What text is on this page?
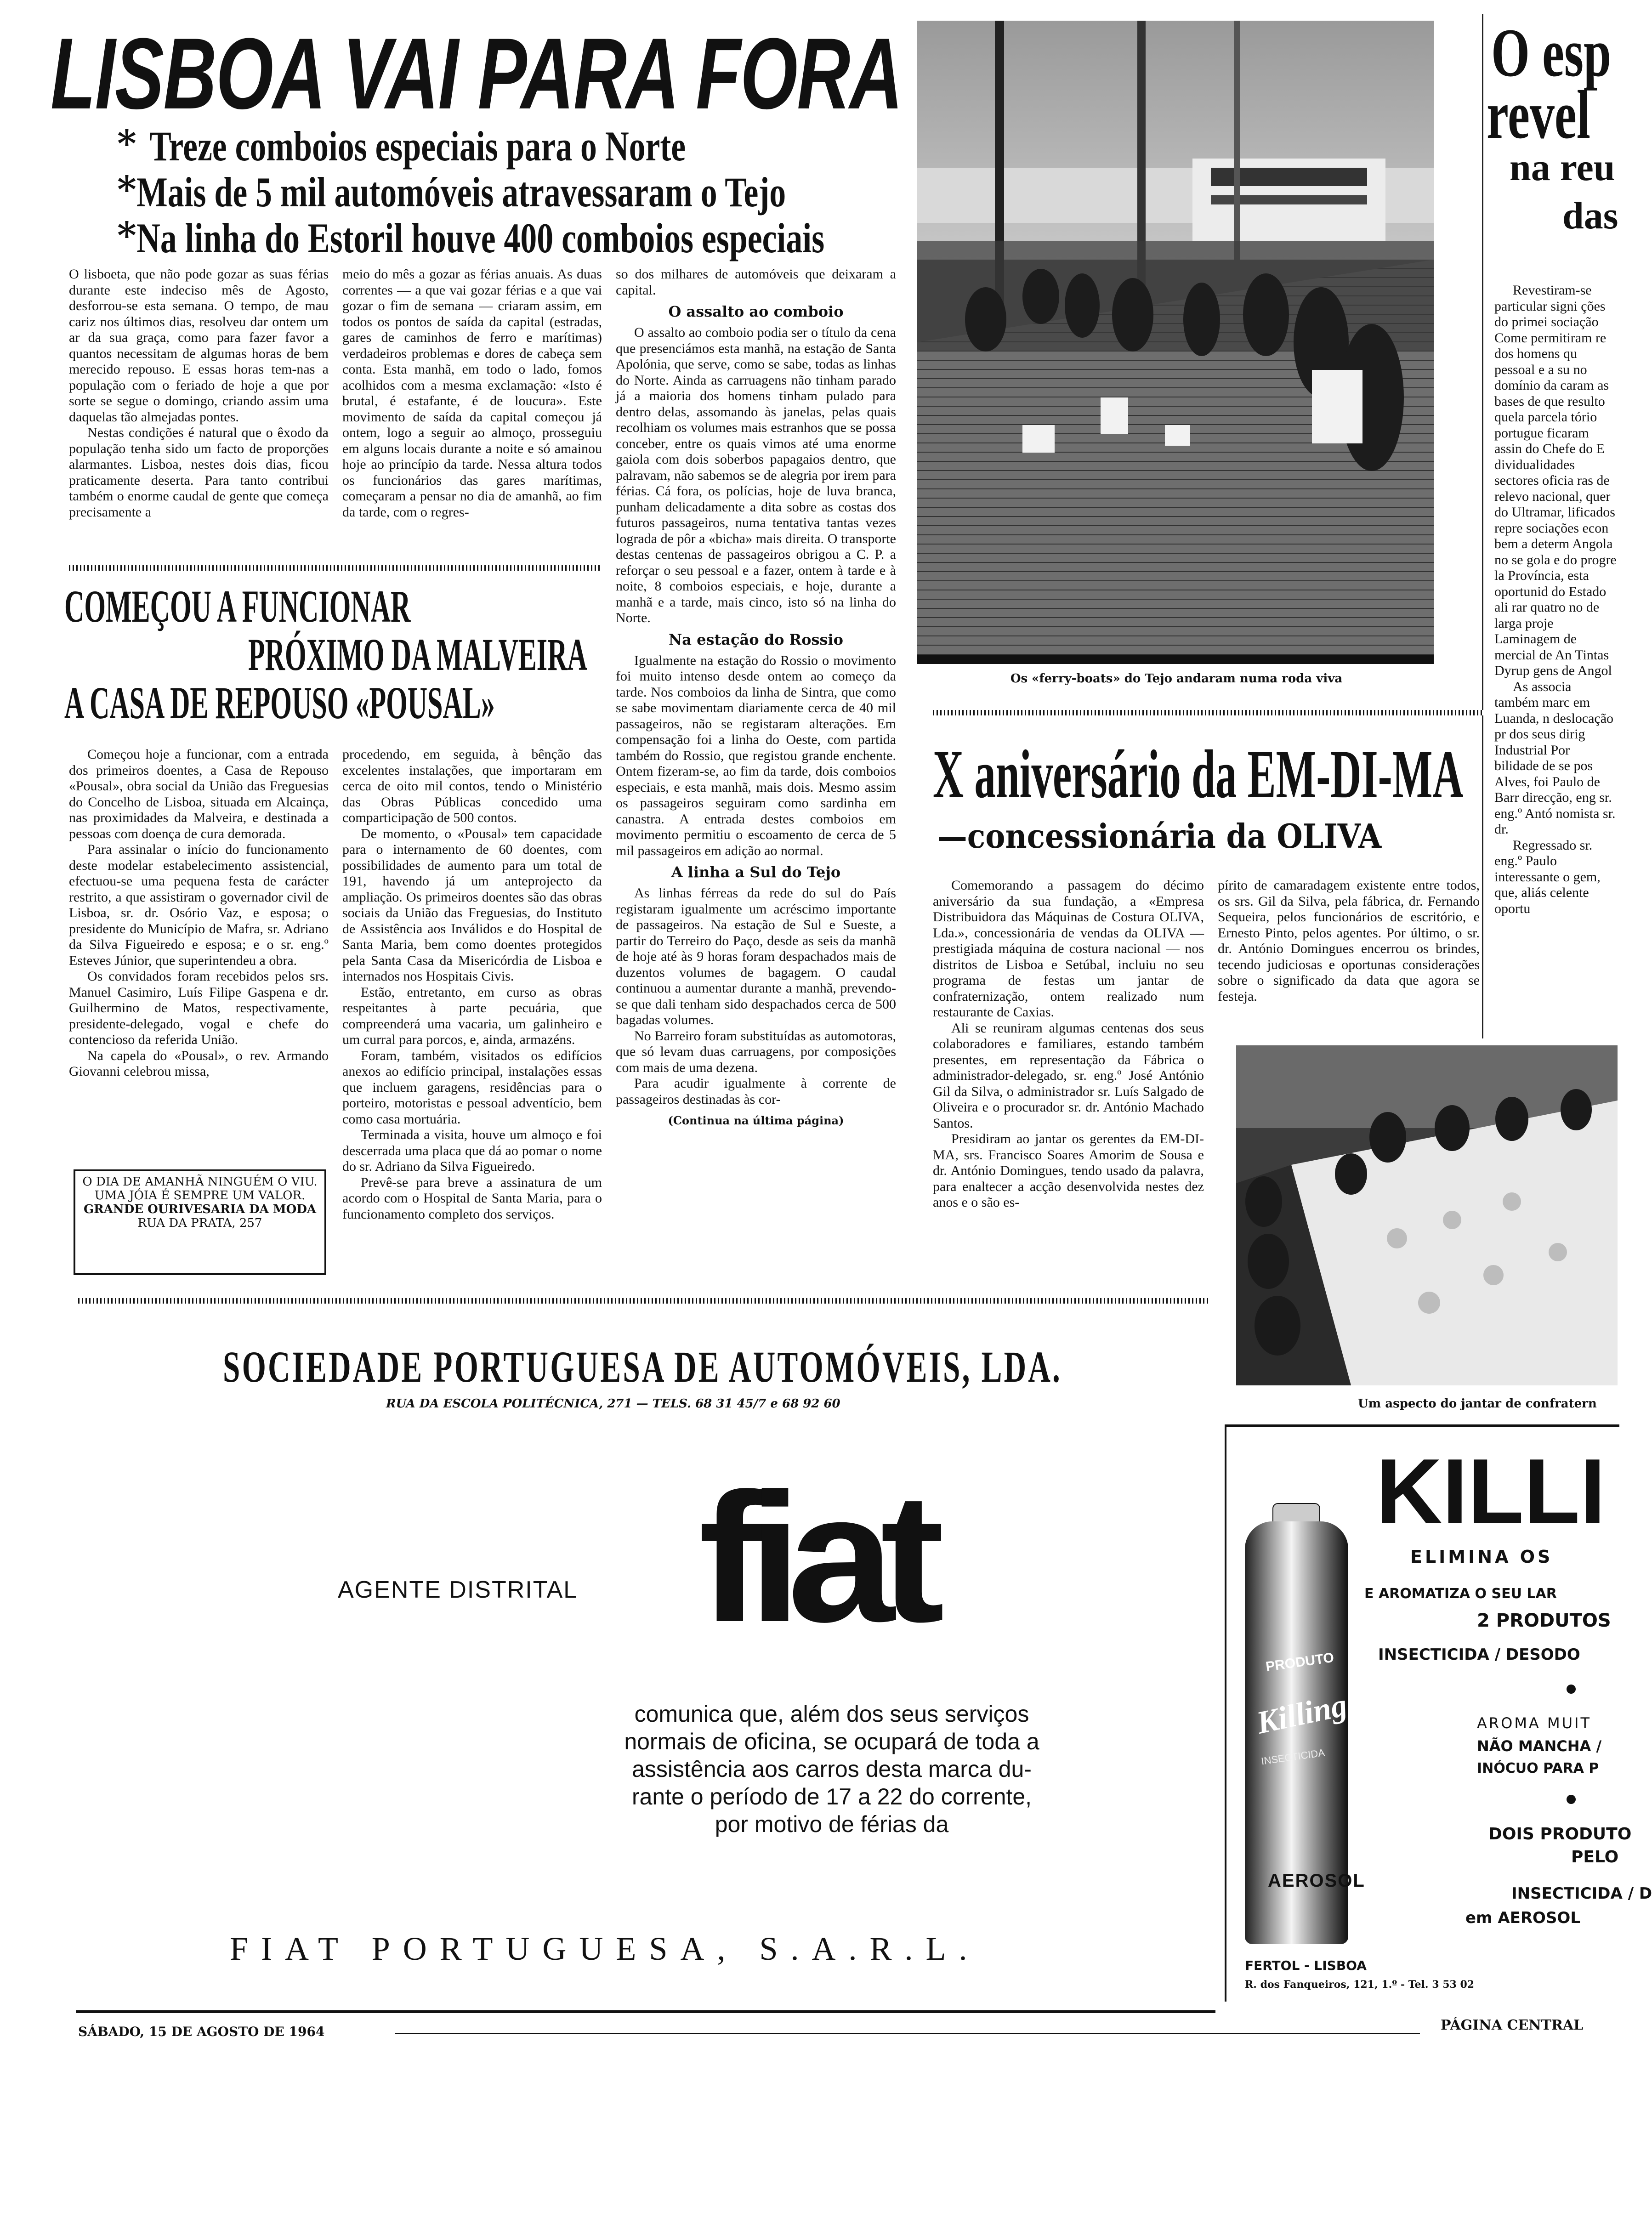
LISBOA VAI PARA FORA
* Treze comboios especiais para o Norte
* Mais de 5 mil automóveis atravessaram o Tejo
* Na linha do Estoril houve 400 comboios especiais

O lisboeta, que não pode gozar as suas férias durante este indeciso mês de Agosto, desforrou-se esta semana. O tempo, de mau cariz nos últimos dias, resolveu dar ontem um ar da sua graça, como para fazer favor a quantos necessitam de algumas horas de bem merecido repouso. E essas horas tem-nas a população com o feriado de hoje a que por sorte se segue o domingo, criando assim uma daquelas tão almejadas pontes.

Nestas condições é natural que o êxodo da população tenha sido um facto de proporções alarmantes. Lisboa, nestes dois dias, ficou praticamente deserta. Para tanto contribui também o enorme caudal de gente que começa precisamente a

meio do mês a gozar as férias anuais. As duas correntes — a que vai gozar férias e a que vai gozar o fim de semana — criaram assim, em todos os pontos de saída da capital (estradas, gares de caminhos de ferro e marítimas) verdadeiros problemas e dores de cabeça sem conta. Esta manhã, em todo o lado, fomos acolhidos com a mesma exclamação: «Isto é brutal, é estafante, é de loucura». Este movimento de saída da capital começou já ontem, logo a seguir ao almoço, prosseguiu em alguns locais durante a noite e só amainou hoje ao princípio da tarde. Nessa altura todos os funcionários das gares marítimas, começaram a pensar no dia de amanhã, ao fim da tarde, com o regres-

so dos milhares de automóveis que deixaram a capital.

O assalto ao comboio

O assalto ao comboio podia ser o título da cena que presenciámos esta manhã, na estação de Santa Apolónia, que serve, como se sabe, todas as linhas do Norte. Ainda as carruagens não tinham parado já a maioria dos homens tinham pulado para dentro delas, assomando às janelas, pelas quais recolhiam os volumes mais estranhos que se possa conceber, entre os quais vimos até uma enorme gaiola com dois soberbos papagaios dentro, que palravam, não sabemos se de alegria por irem para férias. Cá fora, os polícias, hoje de luva branca, punham delicadamente a dita sobre as costas dos futuros passageiros, numa tentativa tantas vezes lograda de pôr a «bicha» mais direita. O transporte destas centenas de passageiros obrigou a C. P. a reforçar o seu pessoal e a fazer, ontem à tarde e à noite, 8 comboios especiais, e hoje, durante a manhã e a tarde, mais cinco, isto só na linha do Norte.

Na estação do Rossio

Igualmente na estação do Rossio o movimento foi muito intenso desde ontem ao começo da tarde. Nos comboios da linha de Sintra, que como se sabe movimentam diariamente cerca de 40 mil passageiros, não se registaram alterações. Em compensação foi a linha do Oeste, com partida também do Rossio, que registou grande enchente. Ontem fizeram-se, ao fim da tarde, dois comboios especiais, e esta manhã, mais dois. Mesmo assim os passageiros seguiram como sardinha em canastra. A entrada destes comboios em movimento permitiu o escoamento de cerca de 5 mil passageiros em adição ao normal.

A linha a Sul do Tejo

As linhas férreas da rede do sul do País registaram igualmente um acréscimo importante de passageiros. Na estação de Sul e Sueste, a partir do Terreiro do Paço, desde as seis da manhã de hoje até às 9 horas foram despachados mais de duzentos volumes de bagagem. O caudal continuou a aumentar durante a manhã, prevendo-se que dali tenham sido despachados cerca de 500 bagadas volumes.

No Barreiro foram substituídas as automotoras, que só levam duas carruagens, por composições com mais de uma dezena.

Para acudir igualmente à corrente de passageiros destinadas às cor-

(Continua na última página)
Os «ferry-boats» do Tejo andaram numa roda viva
O esp
revel
na reu
das

Revestiram-se particular signi ções do primei sociação Come permitiram re dos homens qu pessoal e a su no domínio da caram as bases de que resulto quela parcela tório portugue ficaram assin do Chefe do E dividualidades sectores oficia ras de relevo nacional, quer do Ultramar, lificados repre sociações econ bem a determ Angola no se gola e do progre la Província, esta oportunid do Estado ali rar quatro no de larga proje Laminagem de mercial de An Tintas Dyrup gens de Angol

As associa também marc em Luanda, n deslocação pr dos seus dirig Industrial Por bilidade de se pos Alves, foi Paulo de Barr direcção, eng sr. eng.º Antó nomista sr. dr.

Regressado sr. eng.º Paulo interessante o gem, que, aliás celente oportu

COMEÇOU A FUNCIONAR
PRÓXIMO DA MALVEIRA
A CASA DE REPOUSO «POUSAL»

Começou hoje a funcionar, com a entrada dos primeiros doentes, a Casa de Repouso «Pousal», obra social da União das Freguesias do Concelho de Lisboa, situada em Alcainça, nas proximidades da Malveira, e destinada a pessoas com doença de cura demorada.

Para assinalar o início do funcionamento deste modelar estabelecimento assistencial, efectuou-se uma pequena festa de carácter restrito, a que assistiram o governador civil de Lisboa, sr. dr. Osório Vaz, e esposa; o presidente do Município de Mafra, sr. Adriano da Silva Figueiredo e esposa; e o sr. eng.º Esteves Júnior, que superintendeu a obra.

Os convidados foram recebidos pelos srs. Manuel Casimiro, Luís Filipe Gaspena e dr. Guilhermino de Matos, respectivamente, presidente-delegado, vogal e chefe do contencioso da referida União.

Na capela do «Pousal», o rev. Armando Giovanni celebrou missa,

O DIA DE AMANHÃ NINGUÉM O VIU.
UMA JÓIA É SEMPRE UM VALOR.
GRANDE OURIVESARIA DA MODA
RUA DA PRATA, 257

procedendo, em seguida, à bênção das excelentes instalações, que importaram em cerca de oito mil contos, tendo o Ministério das Obras Públicas concedido uma comparticipação de 500 contos.

De momento, o «Pousal» tem capacidade para o internamento de 60 doentes, com possibilidades de aumento para um total de 191, havendo já um anteprojecto da ampliação. Os primeiros doentes são das obras sociais da União das Freguesias, do Instituto de Assistência aos Inválidos e do Hospital de Santa Maria, bem como doentes protegidos pela Santa Casa da Misericórdia de Lisboa e internados nos Hospitais Civis.

Estão, entretanto, em curso as obras respeitantes à parte pecuária, que compreenderá uma vacaria, um galinheiro e um curral para porcos, e, ainda, armazéns.

Foram, também, visitados os edifícios anexos ao edifício principal, instalações essas que incluem garagens, residências para o porteiro, motoristas e pessoal adventício, bem como casa mortuária.

Terminada a visita, houve um almoço e foi descerrada uma placa que dá ao pomar o nome do sr. Adriano da Silva Figueiredo.

Prevê-se para breve a assinatura de um acordo com o Hospital de Santa Maria, para o funcionamento completo dos serviços.

X aniversário da EM-DI-MA
—concessionária da OLIVA

Comemorando a passagem do décimo aniversário da sua fundação, a «Empresa Distribuidora das Máquinas de Costura OLIVA, Lda.», concessionária de vendas da OLIVA — prestigiada máquina de costura nacional — nos distritos de Lisboa e Setúbal, incluiu no seu programa de festas um jantar de confraternização, ontem realizado num restaurante de Caxias.

Ali se reuniram algumas centenas dos seus colaboradores e familiares, estando também presentes, em representação da Fábrica o administrador-delegado, sr. eng.º José António Gil da Silva, o administrador sr. Luís Salgado de Oliveira e o procurador sr. dr. António Machado Santos.

Presidiram ao jantar os gerentes da EM-DI-MA, srs. Francisco Soares Amorim de Sousa e dr. António Domingues, tendo usado da palavra, para enaltecer a acção desenvolvida nestes dez anos e o são es-

pírito de camaradagem existente entre todos, os srs. Gil da Silva, pela fábrica, dr. Fernando Sequeira, pelos funcionários de escritório, e Ernesto Pinto, pelos agentes. Por último, o sr. dr. António Domingues encerrou os brindes, tecendo judiciosas e oportunas considerações sobre o significado da data que agora se festeja.

Um aspecto do jantar de confratern
SOCIEDADE PORTUGUESA DE AUTOMÓVEIS, LDA.
RUA DA ESCOLA POLITÉCNICA, 271 — TELS. 68 31 45/7 e 68 92 60
AGENTE DISTRITAL fiat
comunica que, além dos seus serviços
normais de oficina, se ocupará de toda a
assistência aos carros desta marca du-
rante o período de 17 a 22 do corrente,
por motivo de férias da
FIAT PORTUGUESA, S.A.R.L.
KILLI
ELIMINA OS
E AROMATIZA O SEU LAR
2 PRODUTOS
INSECTICIDA / DESODO
AROMA MUIT
NÃO MANCHA /
INÓCUO PARA P
DOIS PRODUTO
PELO
INSECTICIDA / D
em AEROSOL
PRODUTO
Killing
INSECTICIDA
AEROSOL
FERTOL - LISBOA
R. dos Fanqueiros, 121, 1.º - Tel. 3 53 02
SÁBADO, 15 DE AGOSTO DE 1964	PÁGINA CENTRAL
